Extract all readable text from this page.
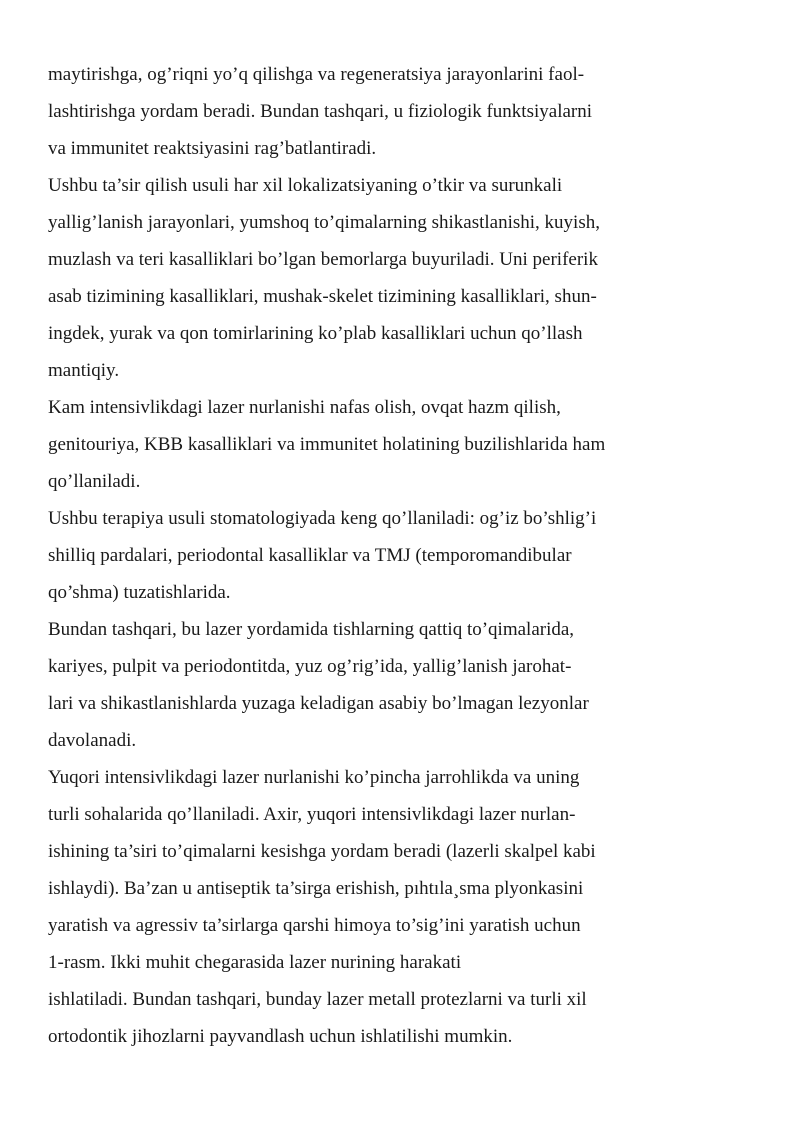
maytirishga, og’riqni yo’q qilishga va regeneratsiya jarayonlarini faol-
lashtirishga yordam beradi. Bundan tashqari, u fiziologik funktsiyalarni
va immunitet reaktsiyasini rag’batlantiradi.
Ushbu ta’sir qilish usuli har xil lokalizatsiyaning o’tkir va surunkali
yallig’lanish jarayonlari, yumshoq to’qimalarning shikastlanishi, kuyish,
muzlash va teri kasalliklari bo’lgan bemorlarga buyuriladi. Uni periferik
asab tizimining kasalliklari, mushak-skelet tizimining kasalliklari, shun-
ingdek, yurak va qon tomirlarining ko’plab kasalliklari uchun qo’llash
mantiqiy.
Kam intensivlikdagi lazer nurlanishi nafas olish, ovqat hazm qilish,
genitouriya, KBB kasalliklari va immunitet holatining buzilishlarida ham
qo’llaniladi.
Ushbu terapiya usuli stomatologiyada keng qo’llaniladi: og’iz bo’shlig’i
shilliq pardalari, periodontal kasalliklar va TMJ (temporomandibular
qo’shma) tuzatishlarida.
Bundan tashqari, bu lazer yordamida tishlarning qattiq to’qimalarida,
kariyes, pulpit va periodontitda, yuz og’rig’ida, yallig’lanish jarohat-
lari va shikastlanishlarda yuzaga keladigan asabiy bo’lmagan lezyonlar
davolanadi.
Yuqori intensivlikdagi lazer nurlanishi ko’pincha jarrohlikda va uning
turli sohalarida qo’llaniladi. Axir, yuqori intensivlikdagi lazer nurlan-
ishining ta’siri to’qimalarni kesishga yordam beradi (lazerli skalpel kabi
ishlaydi). Ba’zan u antiseptik ta’sirga erishish, pıhtıla¸sma plyonkasini
yaratish va agressiv ta’sirlarga qarshi himoya to’sig’ini yaratish uchun
1-rasm. Ikki muhit chegarasida lazer nurining harakati
ishlatiladi. Bundan tashqari, bunday lazer metall protezlarni va turli xil
ortodontik jihozlarni payvandlash uchun ishlatilishi mumkin.
